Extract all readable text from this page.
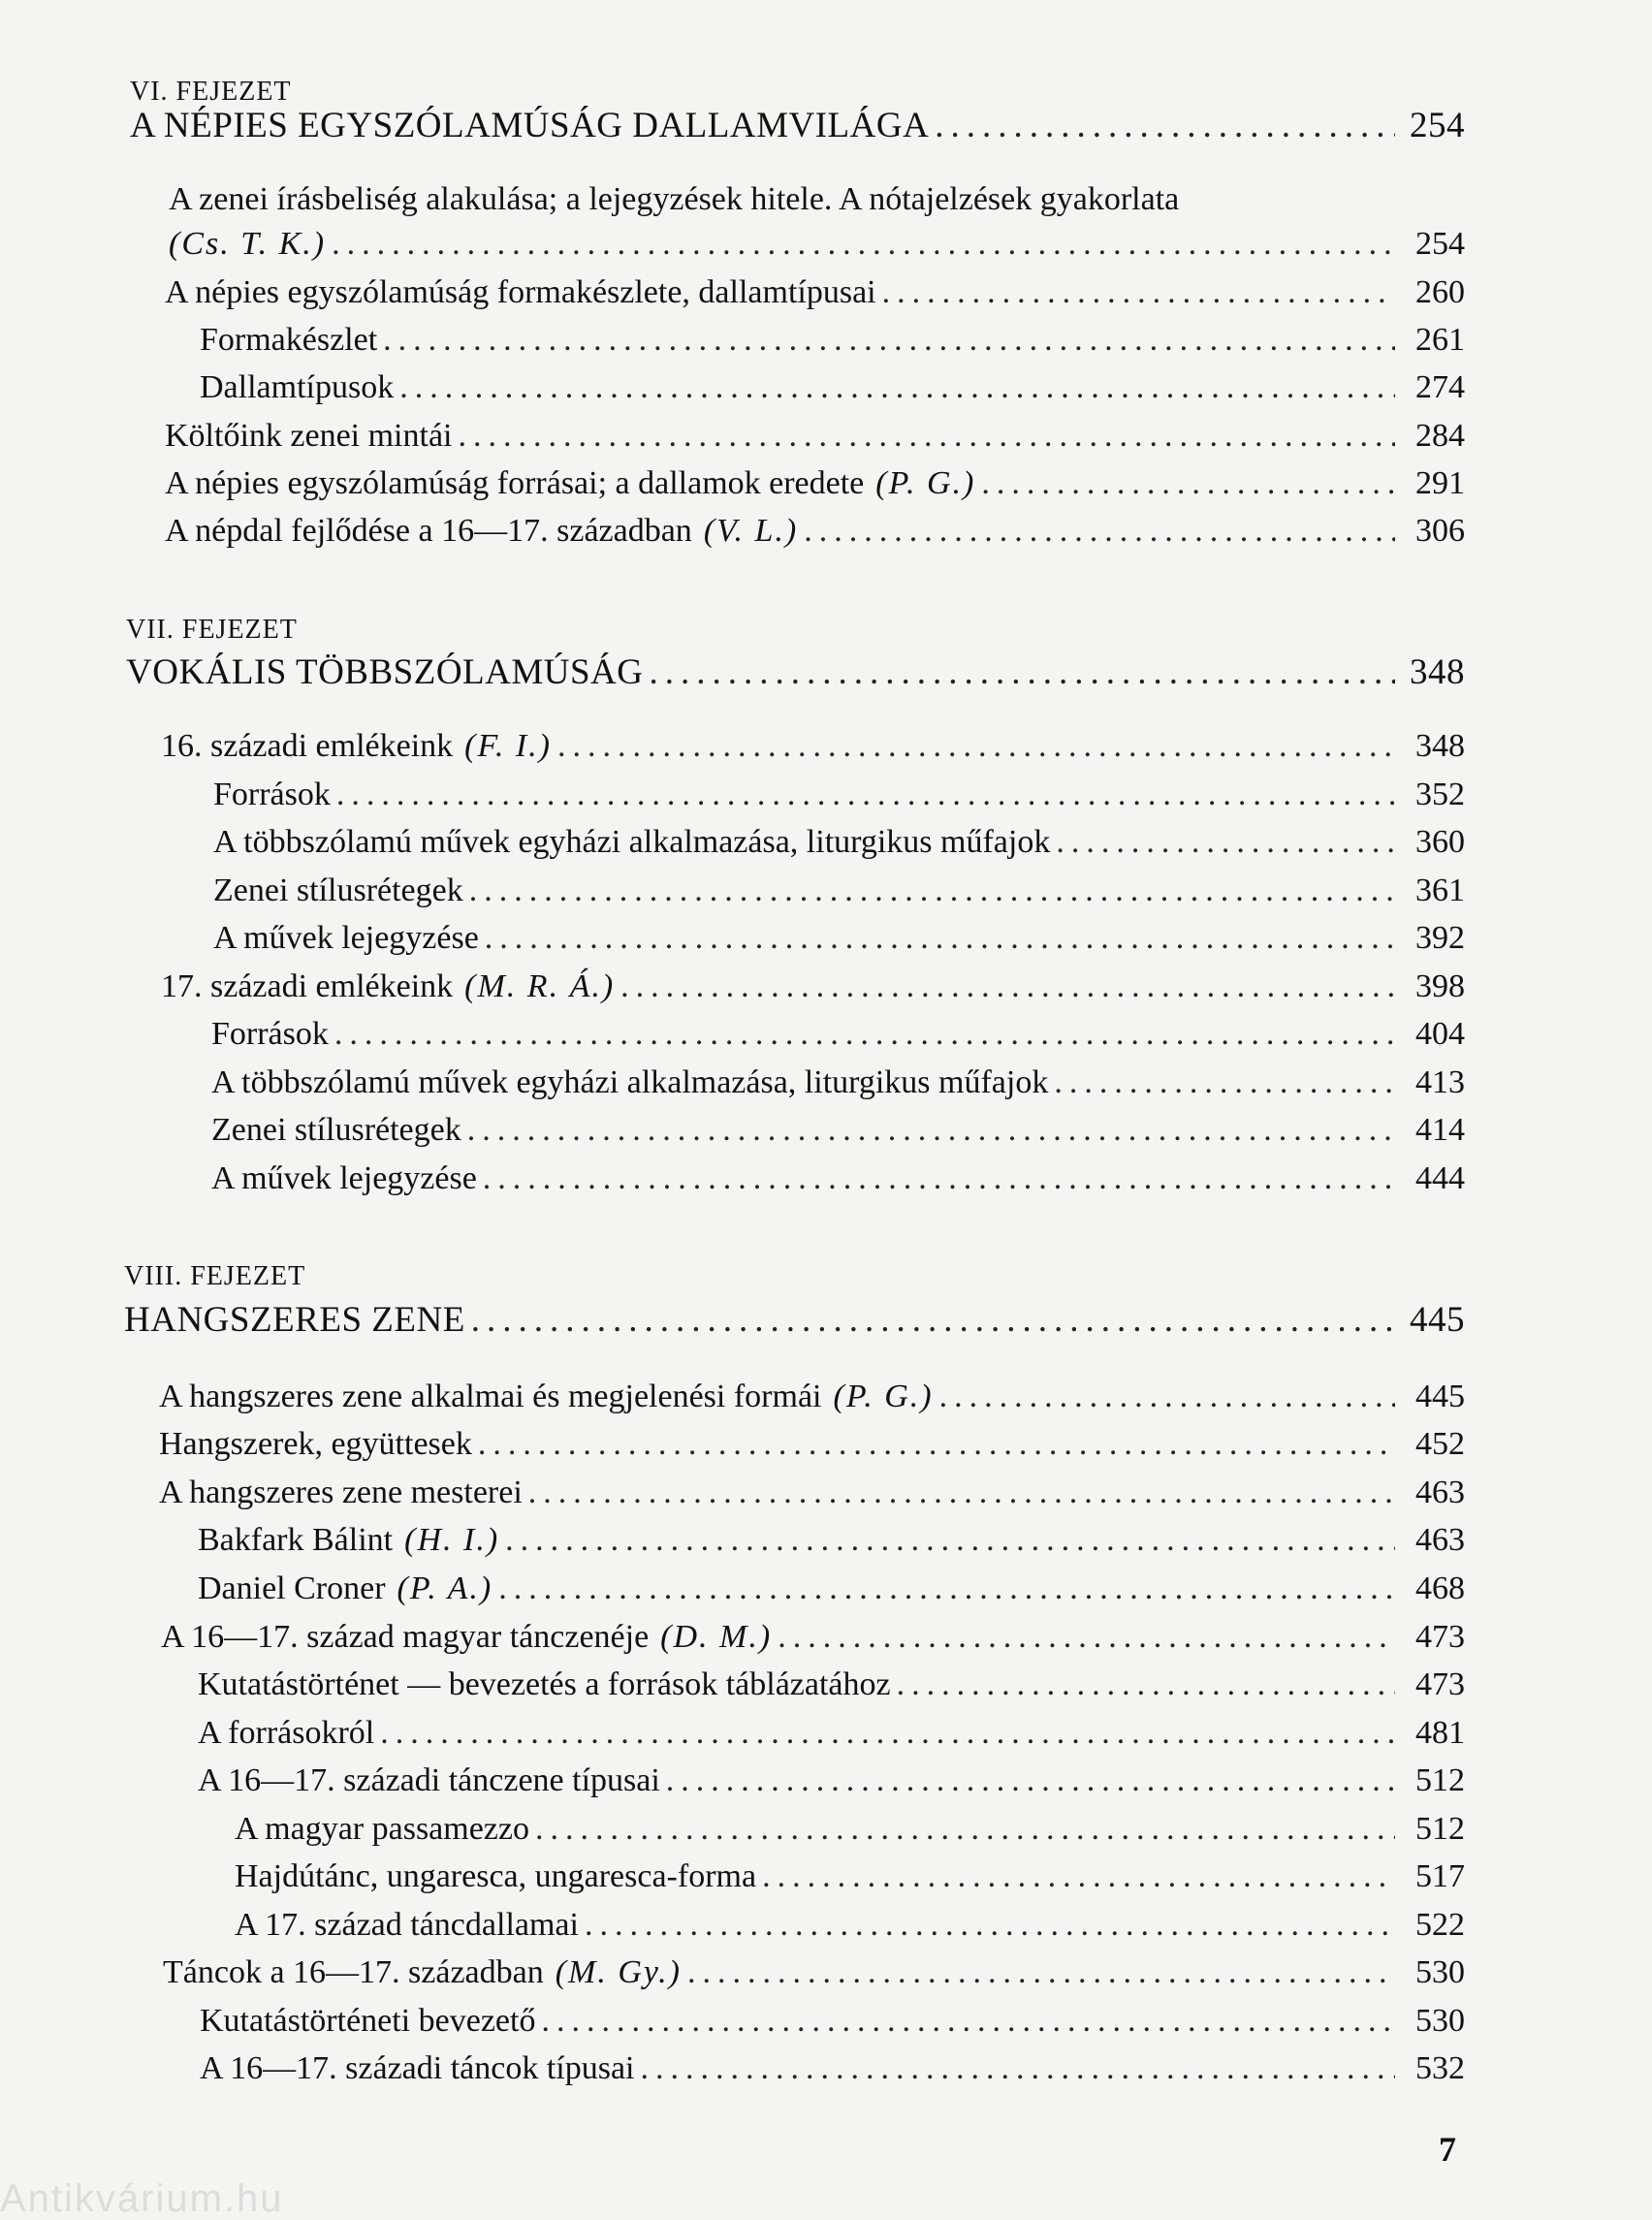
VI. FEJEZET
A NÉPIES EGYSZÓLAMÚSÁG DALLAMVILÁGA .....	254
A zenei írásbeliség alakulása; a lejegyzések hitele. A nótajelzések gyakorlata
(Cs. T. K.) .....	254
A népies egyszólamúság formakészlete, dallamtípusai .....	260
Formakészlet .....	261
Dallamtípusok .....	274
Költőink zenei mintái .....	284
A népies egyszólamúság forrásai; a dallamok eredete (P. G.) .....	291
A népdal fejlődése a 16—17. században (V. L.) .....	306
VII. FEJEZET
VOKÁLIS TÖBBSZÓLAMÚSÁG .....	348
16. századi emlékeink (F. I.) .....	348
Források .....	352
A többszólamú művek egyházi alkalmazása, liturgikus műfajok .....	360
Zenei stílusrétegek .....	361
A művek lejegyzése .....	392
17. századi emlékeink (M. R. Á.) .....	398
Források .....	404
A többszólamú művek egyházi alkalmazása, liturgikus műfajok .....	413
Zenei stílusrétegek .....	414
A művek lejegyzése .....	444
VIII. FEJEZET
HANGSZERES ZENE .....	445
A hangszeres zene alkalmai és megjelenési formái (P. G.) .....	445
Hangszerek, együttesek .....	452
A hangszeres zene mesterei .....	463
Bakfark Bálint (H. I.) .....	463
Daniel Croner (P. A.) .....	468
A 16—17. század magyar tánczenéje (D. M.) .....	473
Kutatástörténet — bevezetés a források táblázatához .....	473
A forrásokról .....	481
A 16—17. századi tánczene típusai .....	512
A magyar passamezzo .....	512
Hajdútánc, ungaresca, ungaresca-forma .....	517
A 17. század táncdallamai .....	522
Táncok a 16—17. században (M. Gy.) .....	530
Kutatástörténeti bevezető .....	530
A 16—17. századi táncok típusai .....	532
7
Antikvárium.hu
